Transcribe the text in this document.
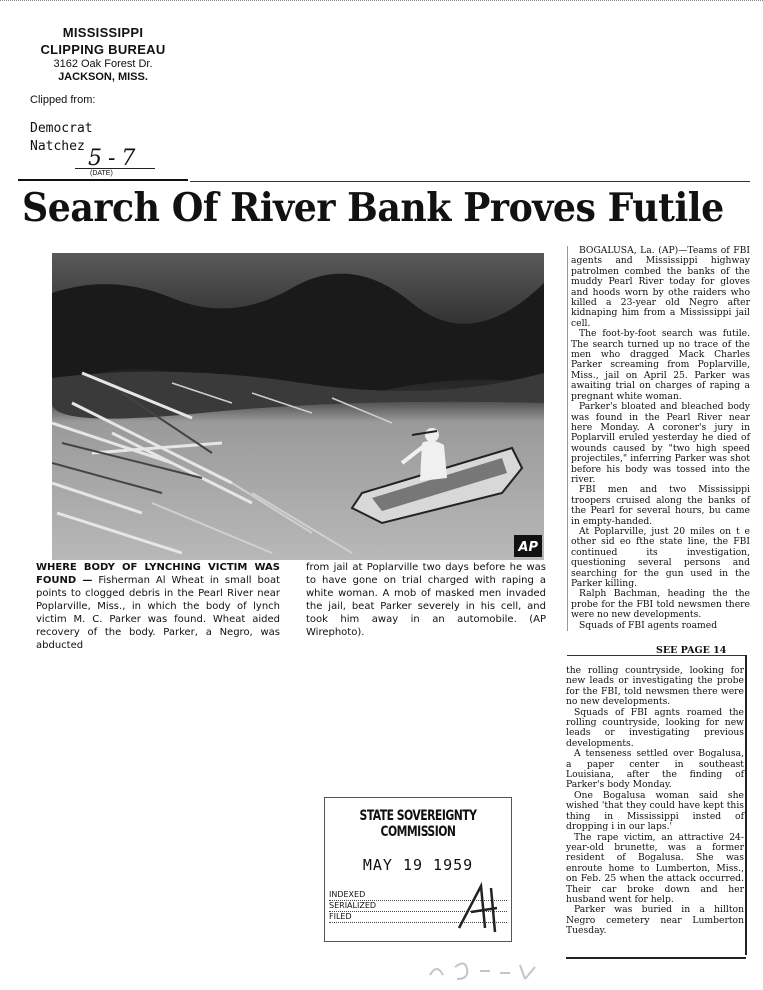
MISSISSIPPI
CLIPPING BUREAU
3162 Oak Forest Dr.
JACKSON, MISS.
Clipped from:
Democrat
Natchez 5-7
(DATE)
Search Of River Bank Proves Futile
AP
WHERE BODY OF LYNCHING VICTIM WAS FOUND — Fisherman Al Wheat in small boat points to clogged debris in the Pearl River near Poplarville, Miss., in which the body of lynch victim M. C. Parker was found. Wheat aided recovery of the body. Parker, a Negro, was abducted
from jail at Poplarville two days before he was to have gone on trial charged with raping a white woman. A mob of masked men invaded the jail, beat Parker severely in his cell, and took him away in an automobile. (AP Wirephoto).

BOGALUSA, La. (AP)—Teams of FBI agents and Mississippi highway patrolmen combed the banks of the muddy Pearl River today for gloves and hoods worn by othe raiders who killed a 23-year old Negro after kidnaping him from a Mississippi jail cell.

The foot-by-foot search was futile. The search turned up no trace of the men who dragged Mack Charles Parker screaming from Poplarville, Miss., jail on April 25. Parker was awaiting trial on charges of raping a pregnant white woman.

Parker's bloated and bleached body was found in the Pearl River near here Monday. A coroner's jury in Poplarvill eruled yesterday he died of wounds caused by "two high speed projectiles," inferring Parker was shot before his body was tossed into the river.

FBI men and two Mississippi troopers cruised along the banks of the Pearl for several hours, bu came in empty-handed.

At Poplarville, just 20 miles on t e other sid eo fthe state line, the FBI continued its investigation, questioning several persons and searching for the gun used in the Parker killing.

Ralph Bachman, heading the the probe for the FBI told newsmen there were no new developments.

Squads of FBI agents roamed

SEE PAGE 14

the rolling countryside, looking for new leads or investigating the probe for the FBI, told newsmen there were no new developments.

Squads of FBI agnts roamed the rolling countryside, looking for new leads or investigating previous developments.

A tenseness settled over Bogalusa, a paper center in southeast Louisiana, after the finding of Parker's body Monday.

One Bogalusa woman said she wished 'that they could have kept this thing in Mississippi insted of dropping i in our laps.'

The rape victim, an attractive 24-year-old brunette, was a former resident of Bogalusa. She was enroute home to Lumberton, Miss., on Feb. 25 when the attack occurred. Their car broke down and her husband went for help.

Parker was buried in a hillton Negro cemetery near Lumberton Tuesday.

STATE SOVEREIGNTY COMMISSION
MAY 19 1959
INDEXED
SERIALIZED
FILED
